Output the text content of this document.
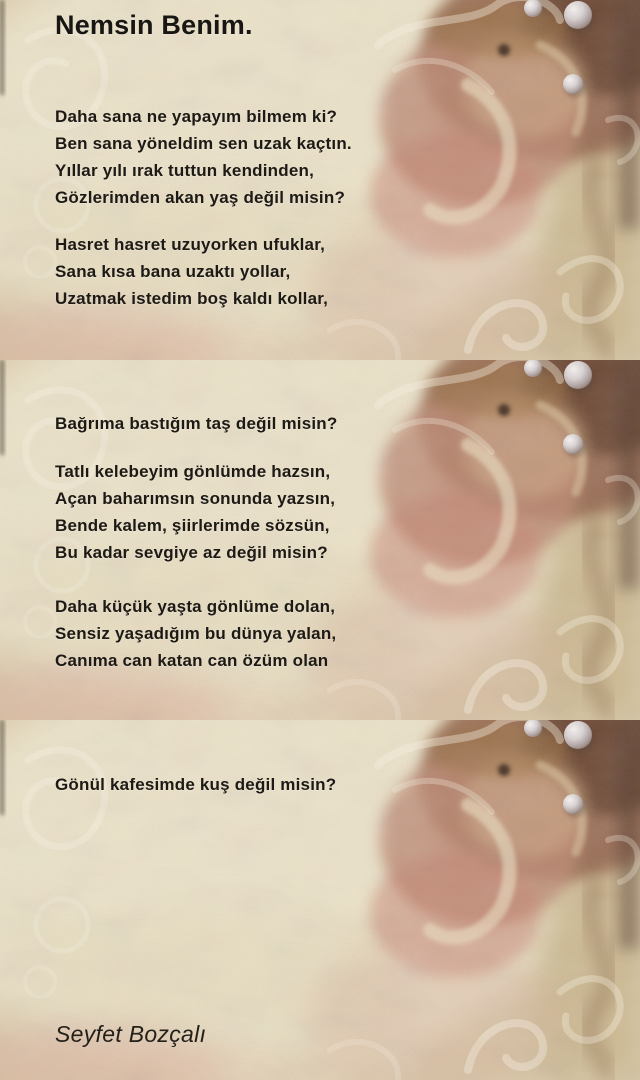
Nemsin Benim.
Daha sana ne yapayım bilmem ki?
Ben sana yöneldim sen uzak kaçtın.
Yıllar yılı ırak tuttun kendinden,
Gözlerimden akan yaş değil misin?
Hasret hasret uzuyorken ufuklar,
Sana kısa bana uzaktı yollar,
Uzatmak istedim boş kaldı kollar,
Bağrıma bastığım taş değil misin?
Tatlı kelebeyim gönlümde hazsın,
Açan baharımsın sonunda yazsın,
Bende kalem, şiirlerimde sözsün,
Bu kadar sevgiye az değil misin?
Daha küçük yaşta gönlüme dolan,
Sensiz yaşadığım bu dünya yalan,
Canıma can katan can özüm olan
Gönül kafesimde kuş değil misin?
Seyfet Bozçalı
